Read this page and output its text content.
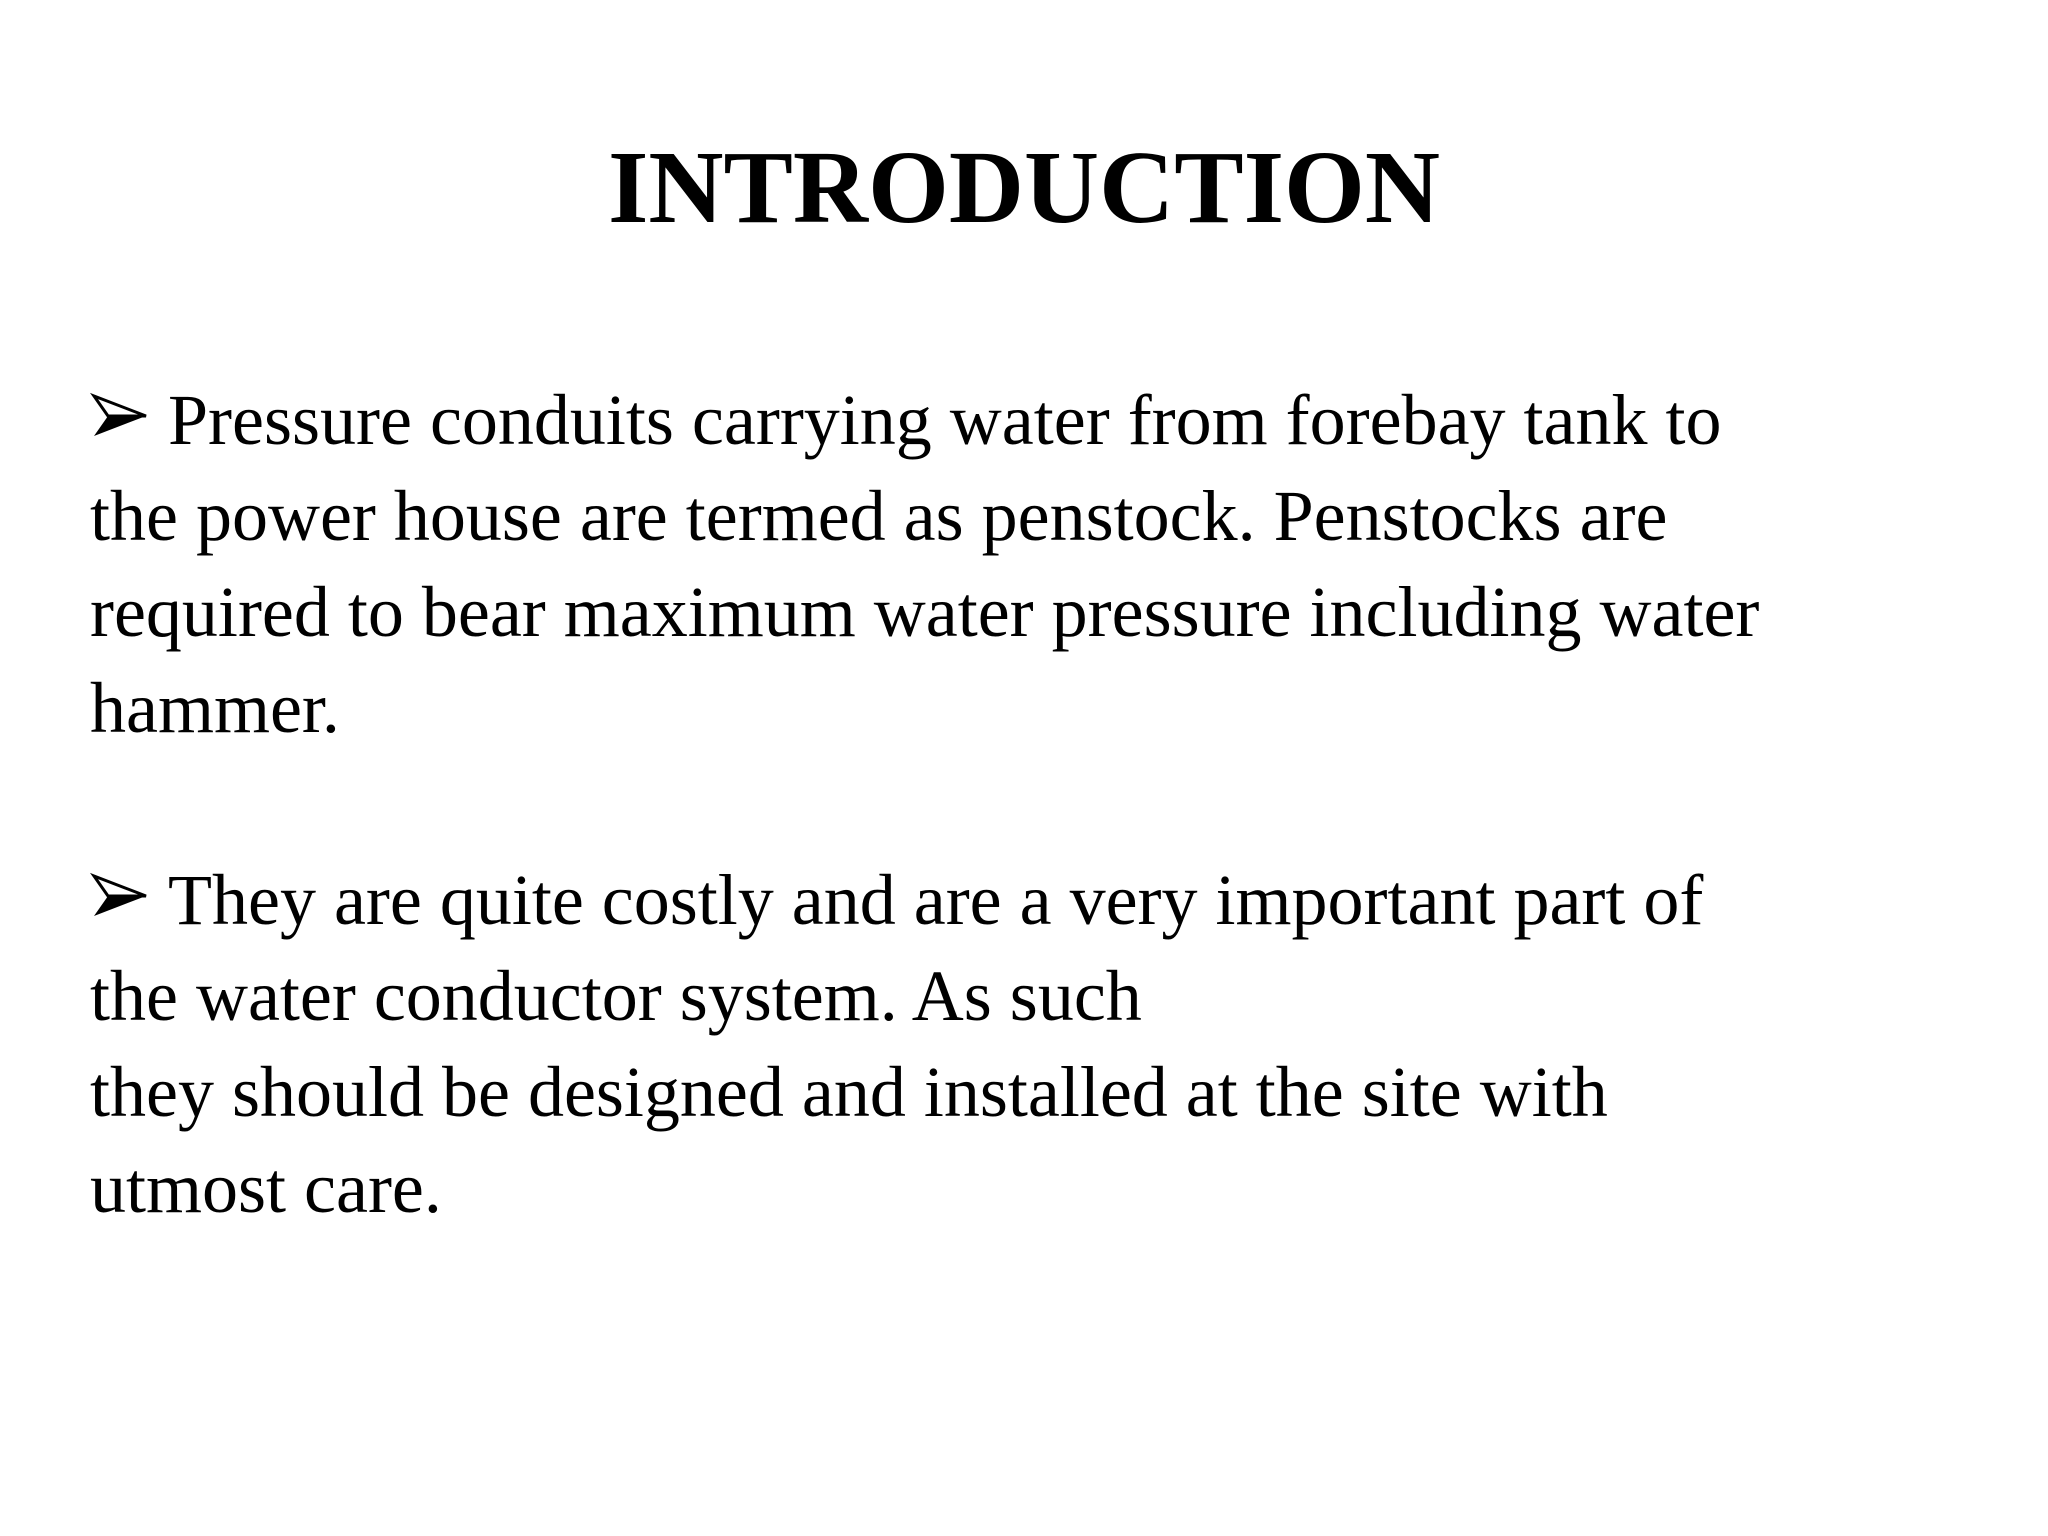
INTRODUCTION

Pressure conduits carrying water from forebay tank to
the power house are termed as penstock. Penstocks are
required to bear maximum water pressure including water
hammer.

They are quite costly and are a very important part of
the water conductor system. As such
they should be designed and installed at the site with
utmost care.
